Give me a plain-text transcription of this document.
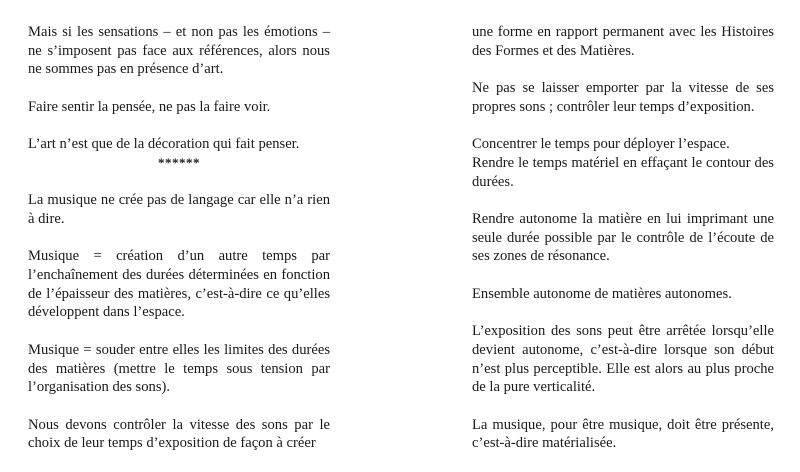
Mais si les sensations – et non pas les émotions – ne s’imposent pas face aux références, alors nous ne sommes pas en présence d’art.

Faire sentir la pensée, ne pas la faire voir.

L’art n’est que de la décoration qui fait penser.

******

La musique ne crée pas de langage car elle n’a rien à dire.

Musique = création d’un autre temps par l’enchaînement des durées déterminées en fonction de l’épaisseur des matières, c’est-à-dire ce qu’elles développent dans l’espace.

Musique = souder entre elles les limites des durées des matières (mettre le temps sous tension par l’organisation des sons).

Nous devons contrôler la vitesse des sons par le choix de leur temps d’exposition de façon à créer

une forme en rapport permanent avec les Histoires des Formes et des Matières.

Ne pas se laisser emporter par la vitesse de ses propres sons ; contrôler leur temps d’exposition.

Concentrer le temps pour déployer l’espace.

Rendre le temps matériel en effaçant le contour des durées.

Rendre autonome la matière en lui imprimant une seule durée possible par le contrôle de l’écoute de ses zones de résonance.

Ensemble autonome de matières autonomes.

L’exposition des sons peut être arrêtée lorsqu’elle devient autonome, c’est-à-dire lorsque son début n’est plus perceptible. Elle est alors au plus proche de la pure verticalité.

La musique, pour être musique, doit être présente, c’est-à-dire matérialisée.
